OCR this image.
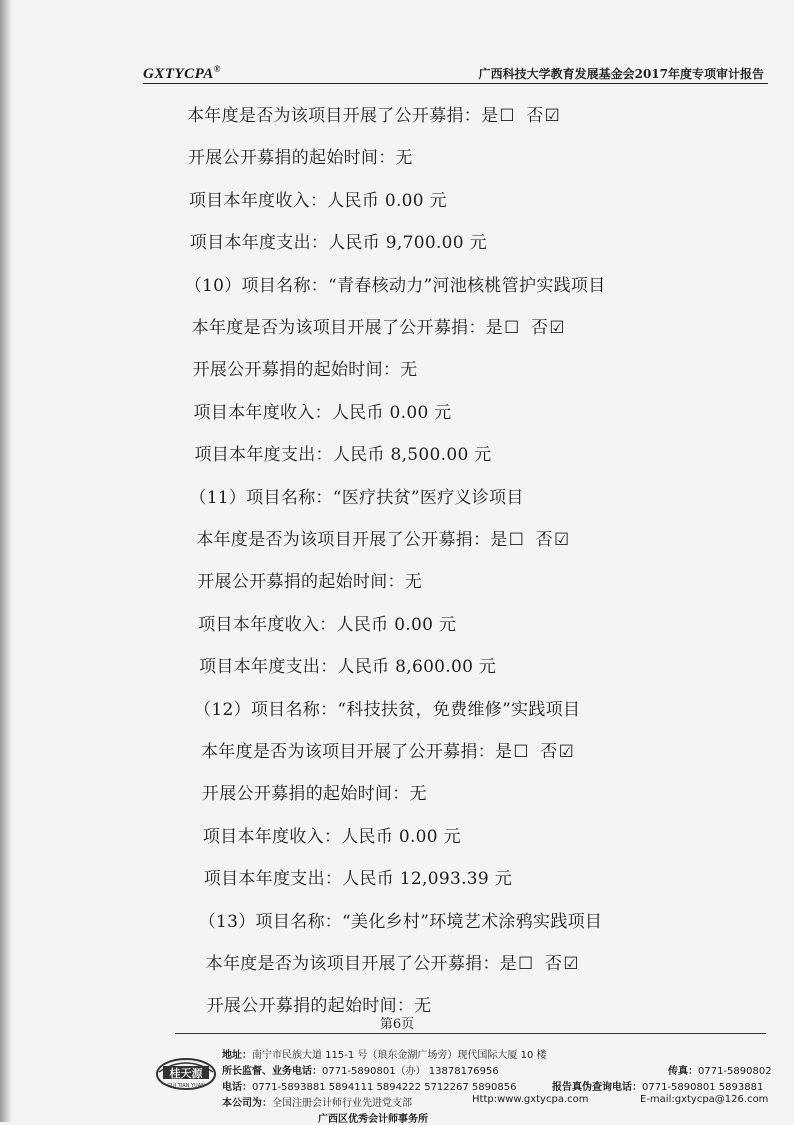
GXTYCPA®	广西科技大学教育发展基金会2017年度专项审计报告
本年度是否为该项目开展了公开募捐：是☐  否☑
开展公开募捐的起始时间：无
项目本年度收入：人民币 0.00 元
项目本年度支出：人民币 9,700.00 元
（10）项目名称：“青春核动力”河池核桃管护实践项目
本年度是否为该项目开展了公开募捐：是☐  否☑
开展公开募捐的起始时间：无
项目本年度收入：人民币 0.00 元
项目本年度支出：人民币 8,500.00 元
（11）项目名称：“医疗扶贫”医疗义诊项目
本年度是否为该项目开展了公开募捐：是☐  否☑
开展公开募捐的起始时间：无
项目本年度收入：人民币 0.00 元
项目本年度支出：人民币 8,600.00 元
（12）项目名称：“科技扶贫，免费维修”实践项目
本年度是否为该项目开展了公开募捐：是☐  否☑
开展公开募捐的起始时间：无
项目本年度收入：人民币 0.00 元
项目本年度支出：人民币 12,093.39 元
（13）项目名称：“美化乡村”环境艺术涂鸦实践项目
本年度是否为该项目开展了公开募捐：是☐  否☑
开展公开募捐的起始时间：无
第6页
桂天源
GUI TIAN YUAN
地址：南宁市民族大道 115-1 号（琅东金湖广场旁）现代国际大厦 10 楼
所长监督、业务电话：0771-5890801（办） 13878176956	传真：0771-5890802
电话：0771-5893881 5894111 5894222 5712267 5890856	报告真伪查询电话：0771-5890801 5893881
本公司为：全国注册会计师行业先进党支部	Http:www.gxtycpa.com	E-mail:gxtycpa@126.com
广西区优秀会计师事务所
